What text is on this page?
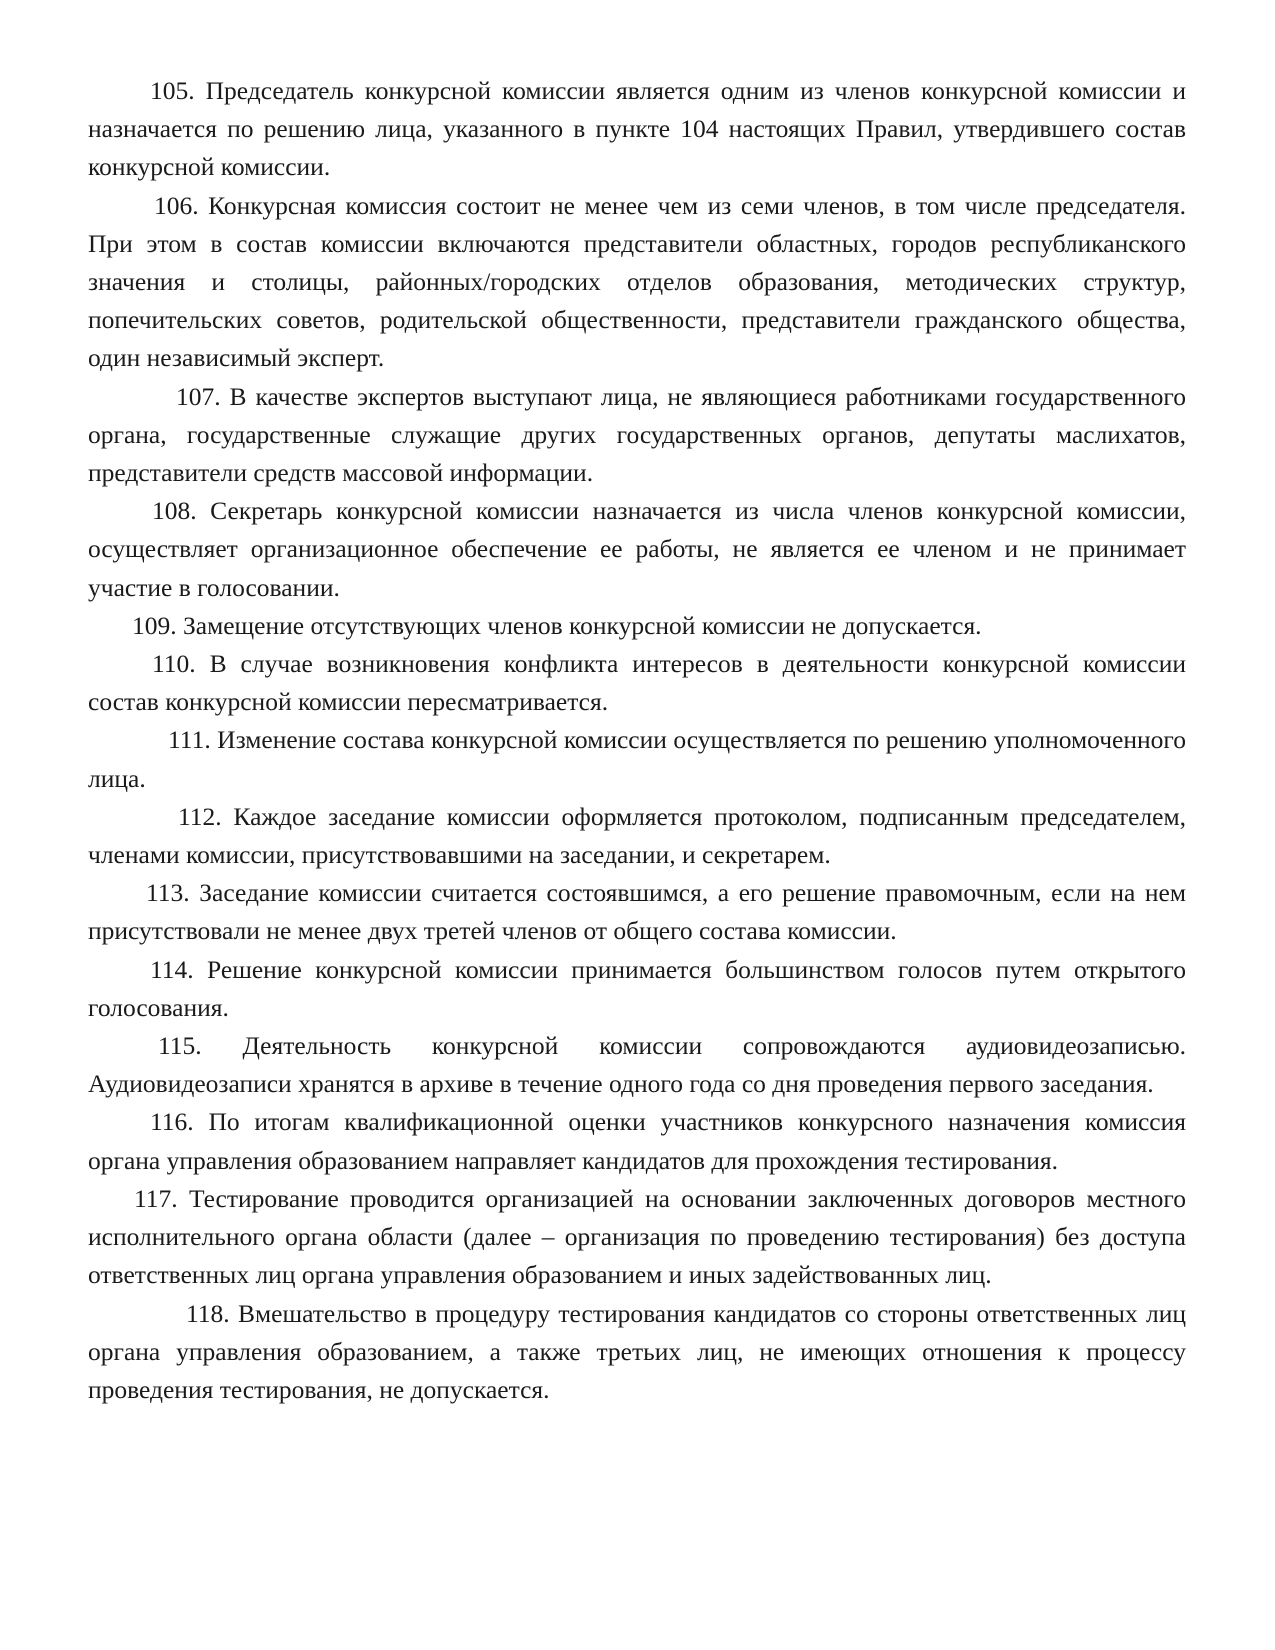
105. Председатель конкурсной комиссии является одним из членов конкурсной комиссии и назначается по решению лица, указанного в пункте 104 настоящих Правил, утвердившего состав конкурсной комиссии.

106. Конкурсная комиссия состоит не менее чем из семи членов, в том числе председателя. При этом в состав комиссии включаются представители областных, городов республиканского значения и столицы, районных/городских отделов образования, методических структур, попечительских советов, родительской общественности, представители гражданского общества, один независимый эксперт.

107. В качестве экспертов выступают лица, не являющиеся работниками государственного органа, государственные служащие других государственных органов, депутаты маслихатов, представители средств массовой информации.

108. Секретарь конкурсной комиссии назначается из числа членов конкурсной комиссии, осуществляет организационное обеспечение ее работы, не является ее членом и не принимает участие в голосовании.

109. Замещение отсутствующих членов конкурсной комиссии не допускается.

110. В случае возникновения конфликта интересов в деятельности конкурсной комиссии состав конкурсной комиссии пересматривается.

111. Изменение состава конкурсной комиссии осуществляется по решению уполномоченного лица.

112. Каждое заседание комиссии оформляется протоколом, подписанным председателем, членами комиссии, присутствовавшими на заседании, и секретарем.

113. Заседание комиссии считается состоявшимся, а его решение правомочным, если на нем присутствовали не менее двух третей членов от общего состава комиссии.

114. Решение конкурсной комиссии принимается большинством голосов путем открытого голосования.

115. Деятельность конкурсной комиссии сопровождаются аудиовидеозаписью. Аудиовидеозаписи хранятся в архиве в течение одного года со дня проведения первого заседания.

116. По итогам квалификационной оценки участников конкурсного назначения комиссия органа управления образованием направляет кандидатов для прохождения тестирования.

117. Тестирование проводится организацией на основании заключенных договоров местного исполнительного органа области (далее – организация по проведению тестирования) без доступа ответственных лиц органа управления образованием и иных задействованных лиц.

118. Вмешательство в процедуру тестирования кандидатов со стороны ответственных лиц органа управления образованием, а также третьих лиц, не имеющих отношения к процессу проведения тестирования, не допускается.
